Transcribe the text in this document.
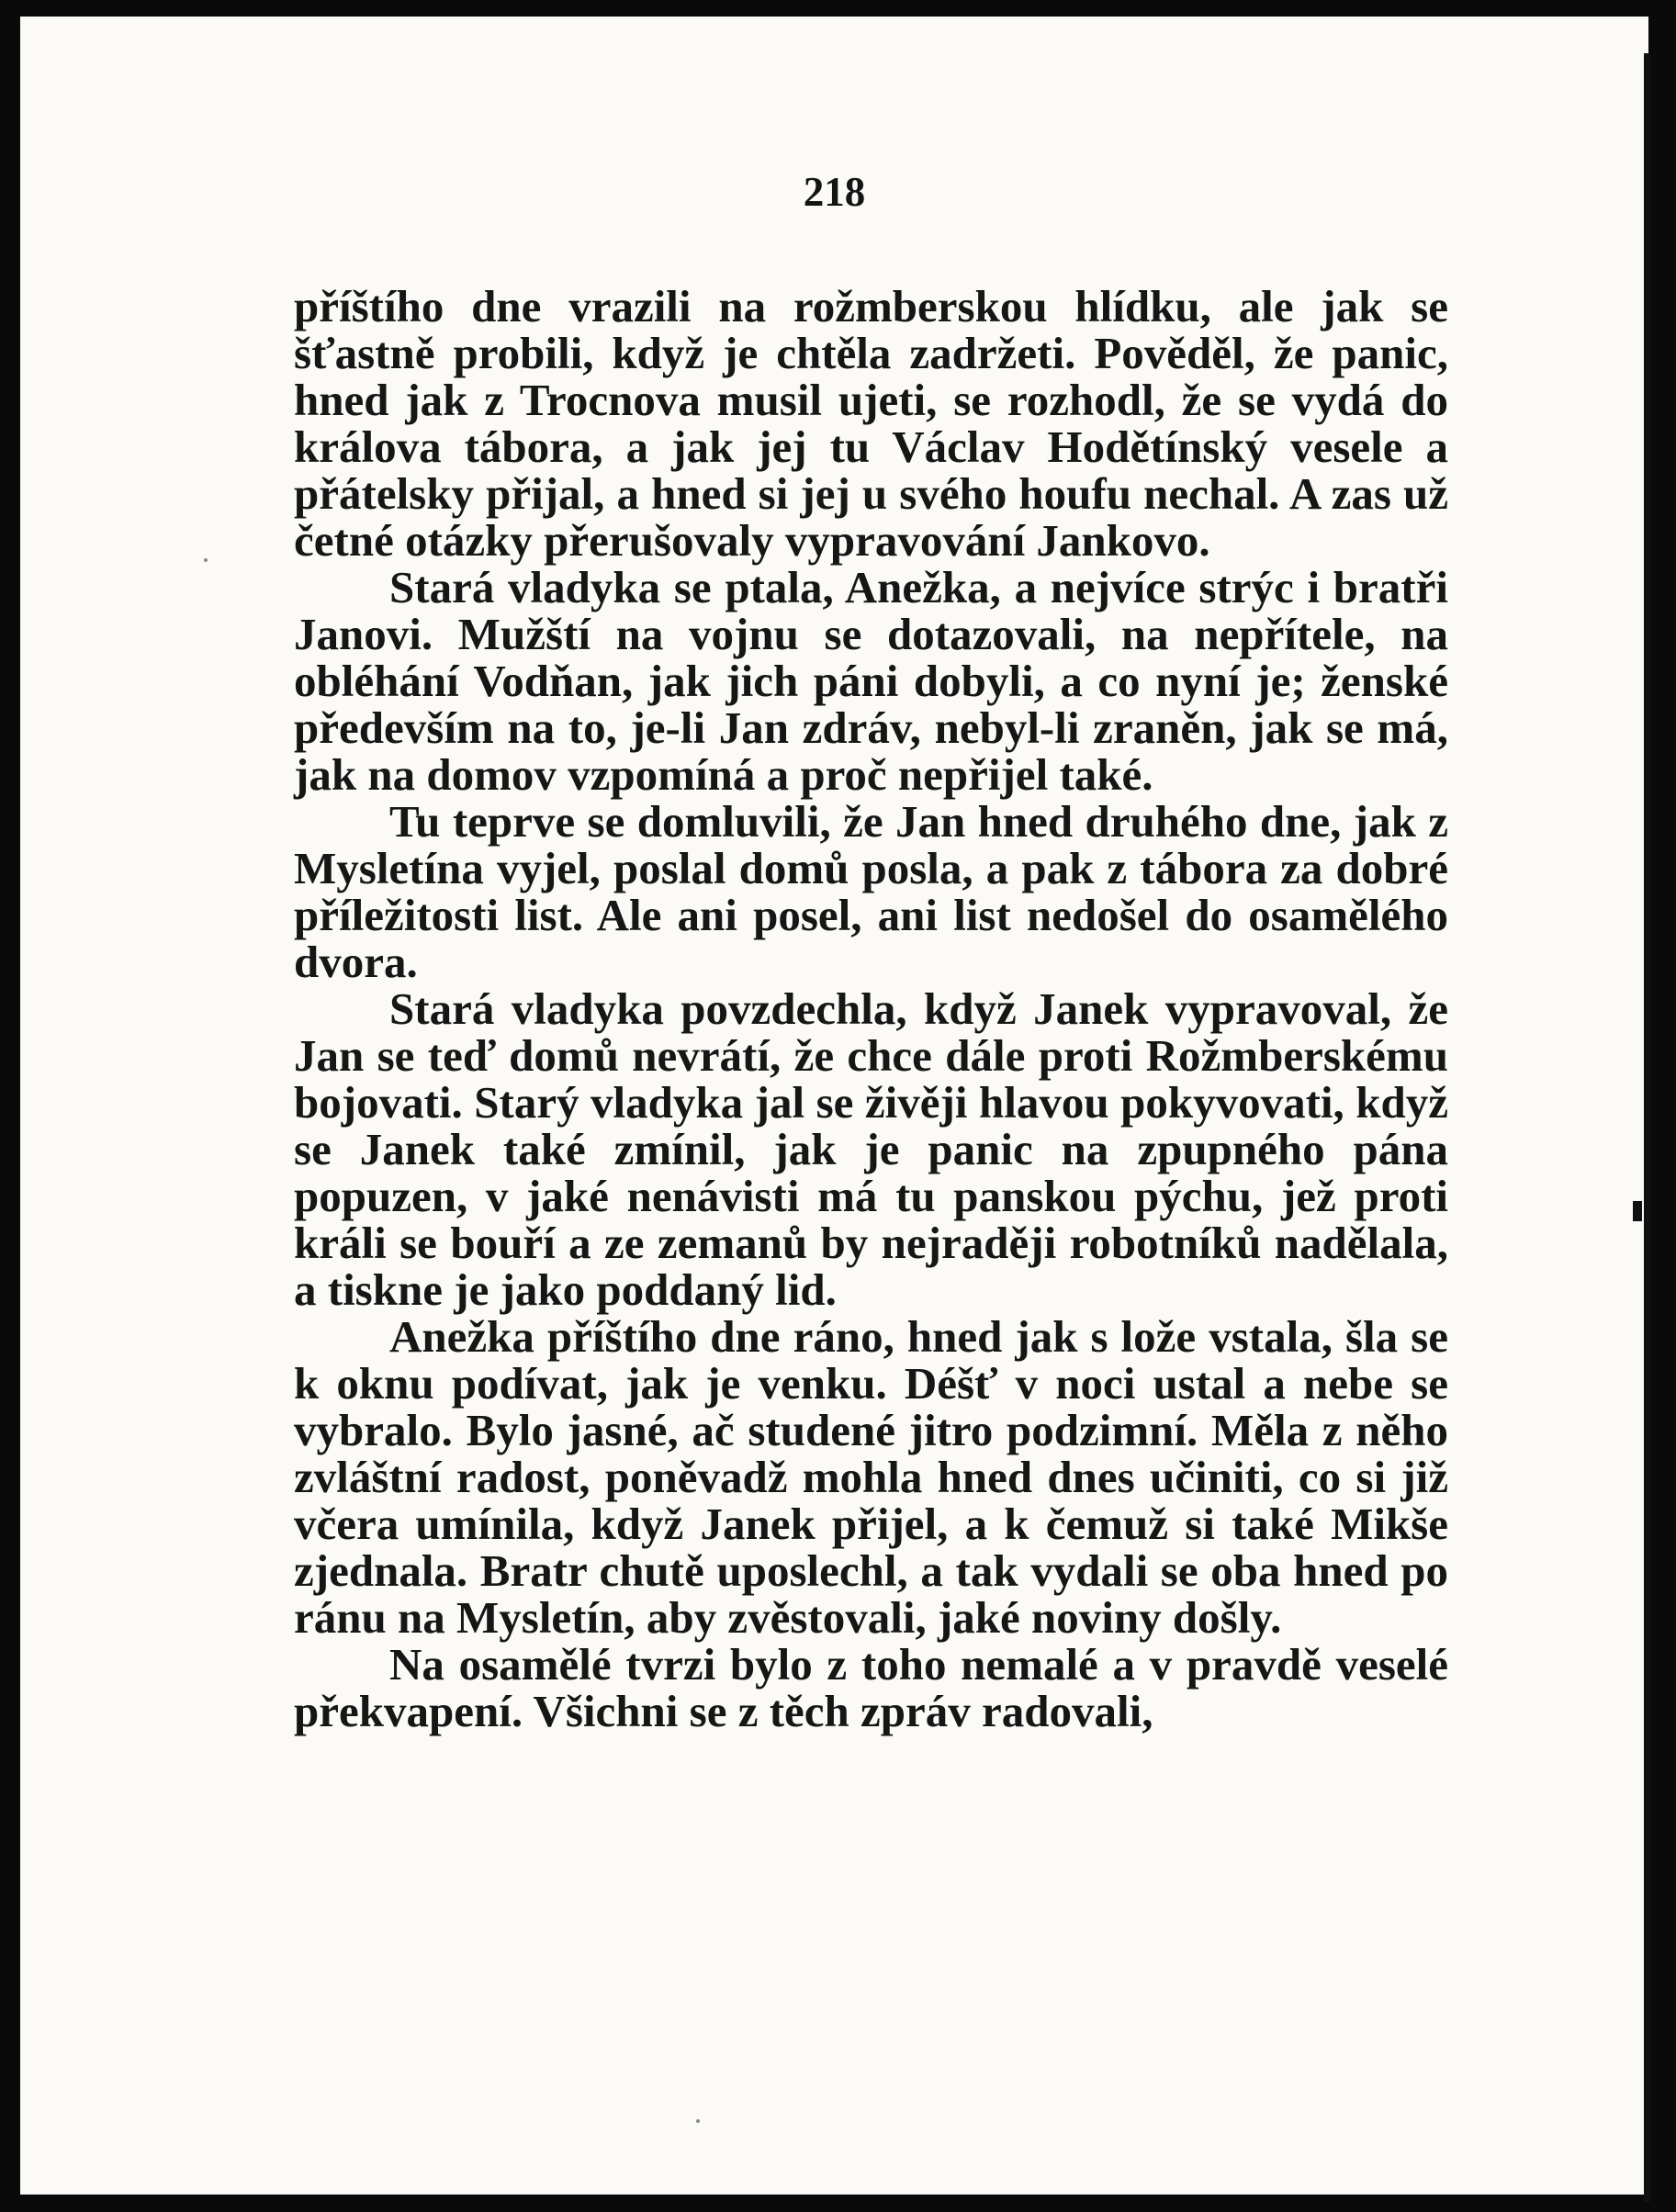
218

příštího dne vrazili na rožmberskou hlídku, ale jak se šťastně probili, když je chtěla zadržeti. Pověděl, že panic, hned jak z Trocnova musil ujeti, se rozhodl, že se vydá do králova tábora, a jak jej tu Václav Hodětínský vesele a přátelsky přijal, a hned si jej u svého houfu nechal. A zas už četné otázky přerušovaly vypravování Jankovo.

Stará vladyka se ptala, Anežka, a nejvíce strýc i bratři Janovi. Mužští na vojnu se dotazovali, na nepřítele, na obléhání Vodňan, jak jich páni dobyli, a co nyní je; ženské především na to, je-li Jan zdráv, nebyl-li zraněn, jak se má, jak na domov vzpomíná a proč nepřijel také.

Tu teprve se domluvili, že Jan hned druhého dne, jak z Mysletína vyjel, poslal domů posla, a pak z tábora za dobré příležitosti list. Ale ani posel, ani list nedošel do osamělého dvora.

Stará vladyka povzdechla, když Janek vypravoval, že Jan se teď domů nevrátí, že chce dále proti Rožmberskému bojovati. Starý vladyka jal se živěji hlavou pokyvovati, když se Janek také zmínil, jak je panic na zpupného pána popuzen, v jaké nenávisti má tu panskou pýchu, jež proti králi se bouří a ze zemanů by nejraději robotníků nadělala, a tiskne je jako poddaný lid.

Anežka příštího dne ráno, hned jak s lože vstala, šla se k oknu podívat, jak je venku. Déšť v noci ustal a nebe se vybralo. Bylo jasné, ač studené jitro podzimní. Měla z něho zvláštní radost, poněvadž mohla hned dnes učiniti, co si již včera umínila, když Janek přijel, a k čemuž si také Mikše zjednala. Bratr chutě uposlechl, a tak vydali se oba hned po ránu na Mysletín, aby zvěstovali, jaké noviny došly.

Na osamělé tvrzi bylo z toho nemalé a v pravdě veselé překvapení. Všichni se z těch zpráv radovali,
